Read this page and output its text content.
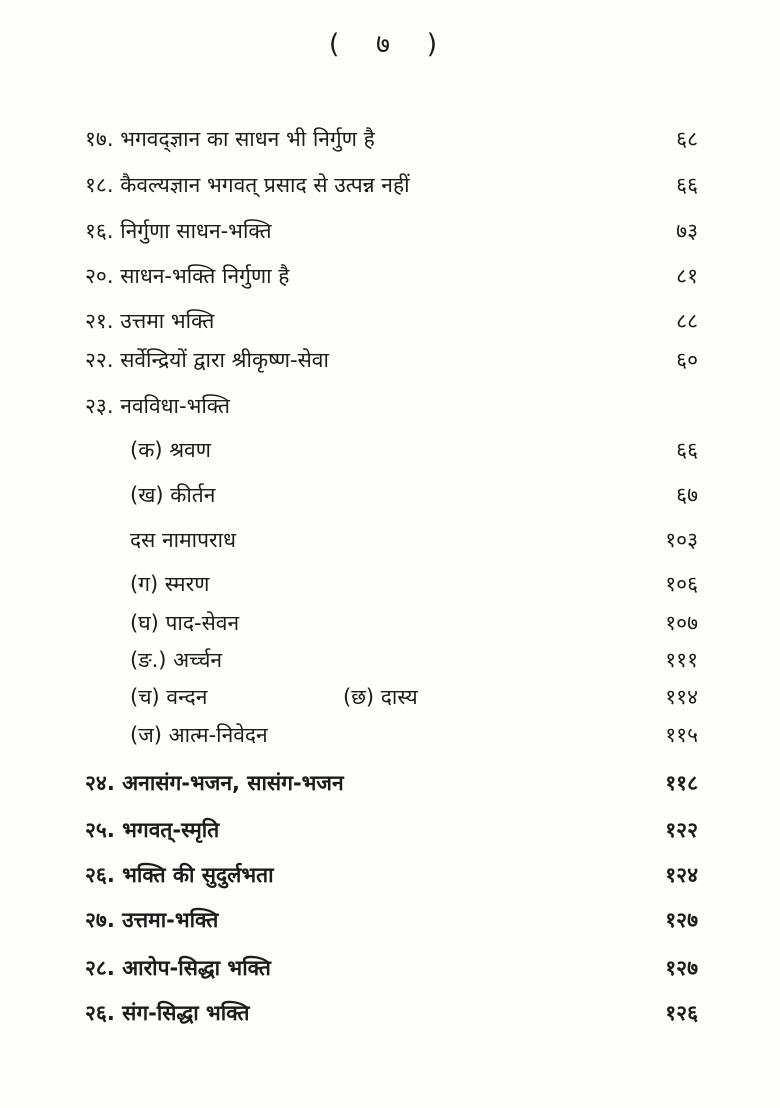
( ७ )
१७. भगवद्ज्ञान का साधन भी निर्गुण है	६८
१८. कैवल्यज्ञान भगवत् प्रसाद से उत्पन्न नहीं	६६
१६. निर्गुणा साधन-भक्ति	७३
२०. साधन-भक्ति निर्गुणा है	८१
२१. उत्तमा भक्ति	८८
२२. सर्वेन्द्रियों द्वारा श्रीकृष्ण-सेवा	६०
२३. नवविधा-भक्ति
(क) श्रवण	६६
(ख) कीर्तन	६७
दस नामापराध	१०३
(ग) स्मरण	१०६
(घ) पाद-सेवन	१०७
(ङ.) अर्च्चन	१११
(च) वन्दन	(छ) दास्य	११४
(ज) आत्म-निवेदन	११५
२४. अनासंग-भजन, सासंग-भजन	११८
२५. भगवत्-स्मृति	१२२
२६. भक्ति की सुदुर्लभता	१२४
२७. उत्तमा-भक्ति	१२७
२८. आरोप-सिद्धा भक्ति	१२७
२६. संग-सिद्धा भक्ति	१२६
